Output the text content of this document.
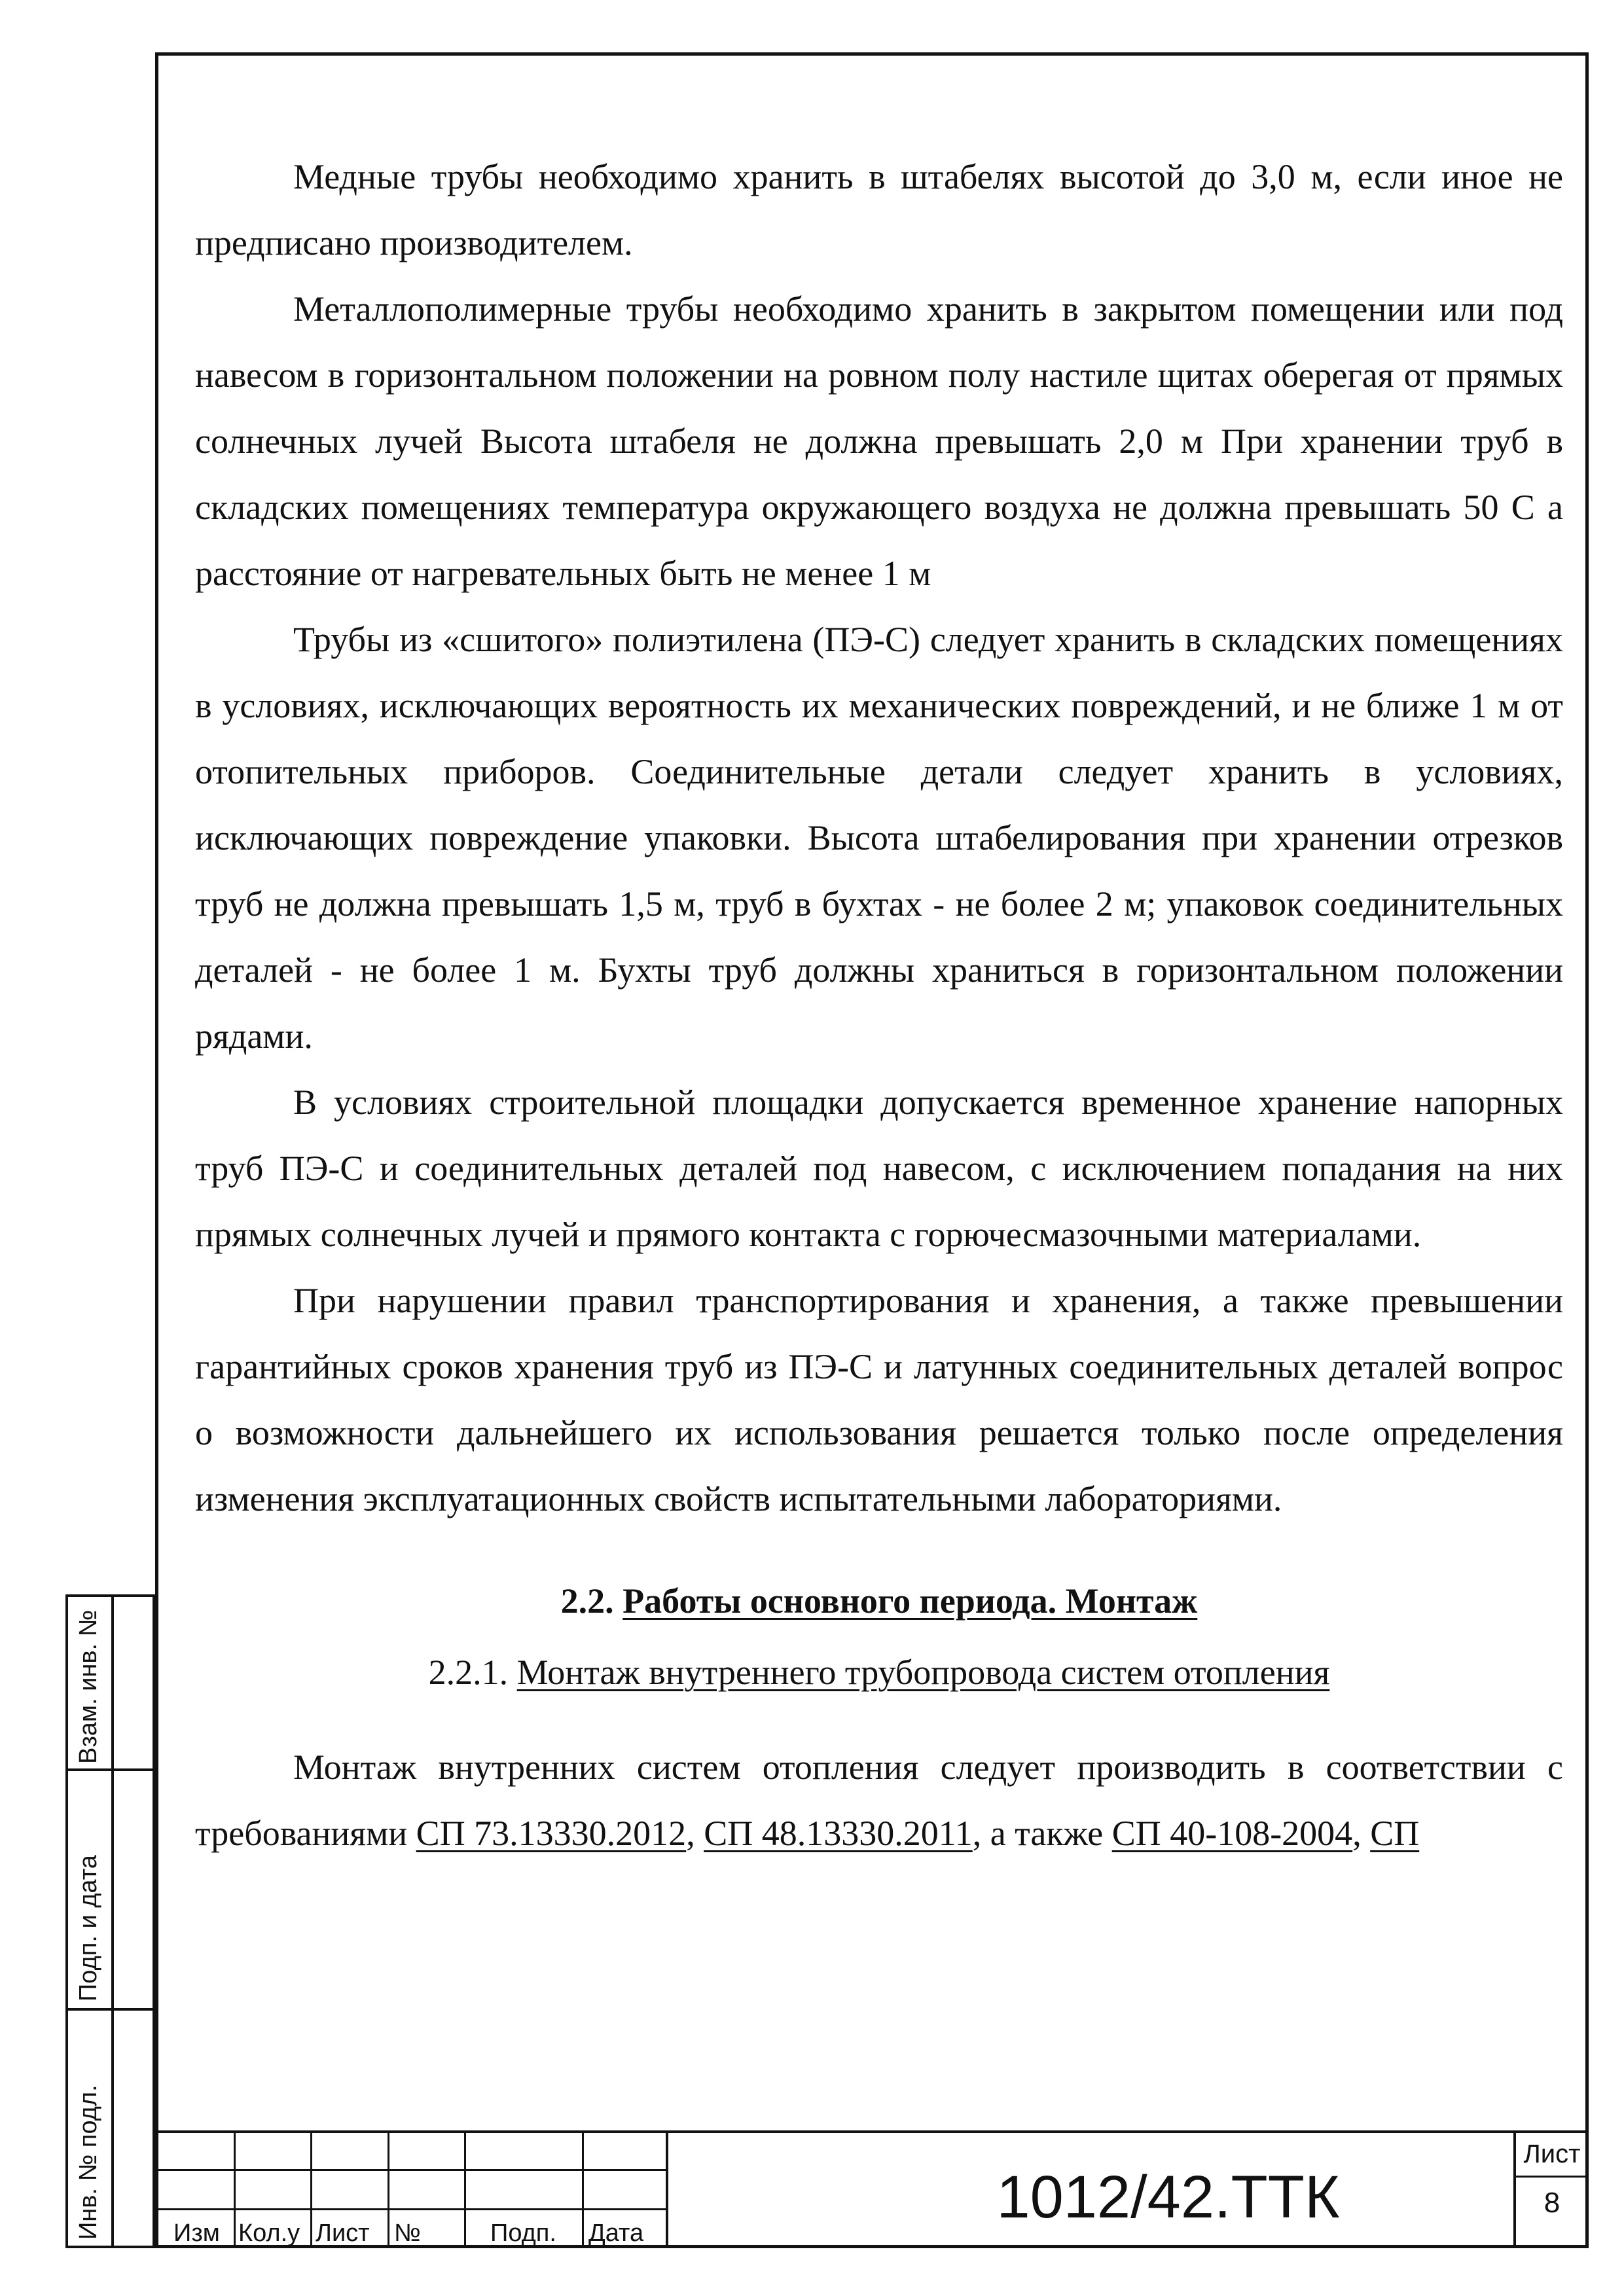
Медные трубы необходимо хранить в штабелях высотой до 3,0 м, если иное не предписано производителем.

Металлополимерные трубы необходимо хранить в закрытом помещении или под навесом в горизонтальном положении на ровном полу настиле щитах оберегая от прямых солнечных лучей Высота штабеля не должна превышать 2,0 м При хранении труб в складских помещениях температура окружающего воздуха не должна превышать 50 С а расстояние от нагревательных быть не менее 1 м

Трубы из «сшитого» полиэтилена (ПЭ-С) следует хранить в складских помещениях в условиях, исключающих вероятность их механических повреждений, и не ближе 1 м от отопительных приборов. Соединительные детали следует хранить в условиях, исключающих повреждение упаковки. Высота штабелирования при хранении отрезков труб не должна превышать 1,5 м, труб в бухтах - не более 2 м; упаковок соединительных деталей - не более 1 м. Бухты труб должны храниться в горизонтальном положении рядами.

В условиях строительной площадки допускается временное хранение напорных труб ПЭ-С и соединительных деталей под навесом, с исключением попадания на них прямых солнечных лучей и прямого контакта с горючесмазочными материалами.

При нарушении правил транспортирования и хранения, а также превышении гарантийных сроков хранения труб из ПЭ-С и латунных соединительных деталей вопрос о возможности дальнейшего их использования решается только после определения изменения эксплуатационных свойств испытательными лабораториями.

2.2. Работы основного периода. Монтаж

2.2.1. Монтаж внутреннего трубопровода систем отопления

Монтаж внутренних систем отопления следует производить в соответствии с требованиями СП 73.13330.2012, СП 48.13330.2011, а также СП 40-108-2004, СП

Взам. инв. №
Подп. и дата
Инв. № подл.	Изм Кол.у Лист №	Подп. Дата
1012/42.ТТК
Лист
8
